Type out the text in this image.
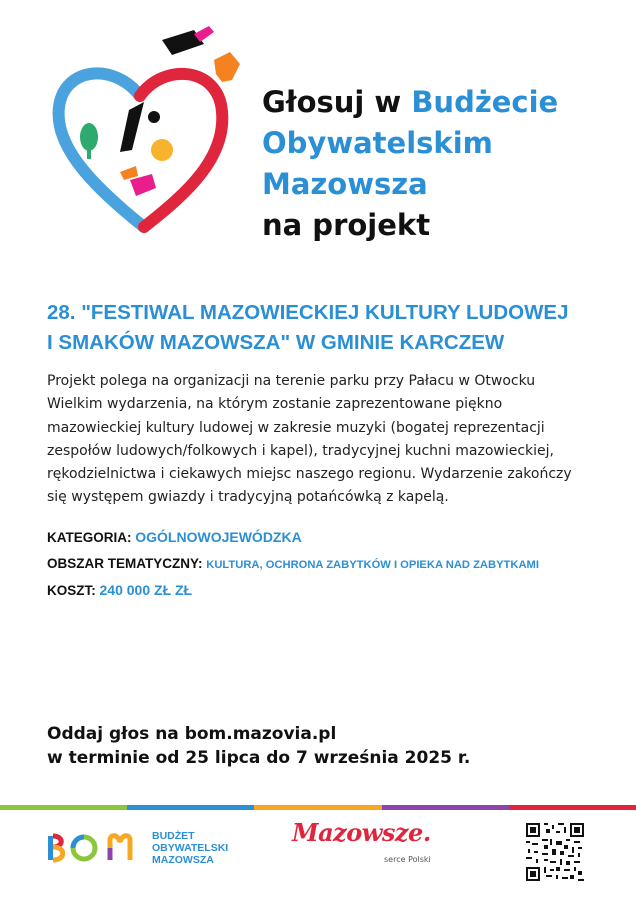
Głosuj w Budżecie
Obywatelskim
Mazowsza
na projekt
28. "FESTIWAL MAZOWIECKIEJ KULTURY LUDOWEJ
I SMAKÓW MAZOWSZA" W GMINIE KARCZEW

Projekt polega na organizacji na terenie parku przy Pałacu w Otwocku Wielkim wydarzenia, na którym zostanie zaprezentowane piękno mazowieckiej kultury ludowej w zakresie muzyki (bogatej reprezentacji zespołów ludowych/folkowych i kapel), tradycyjnej kuchni mazowieckiej, rękodzielnictwa i ciekawych miejsc naszego regionu. Wydarzenie zakończy się występem gwiazdy i tradycyjną potańcówką z kapelą.

KATEGORIA: OGÓLNOWOJEWÓDZKA
OBSZAR TEMATYCZNY: KULTURA, OCHRONA ZABYTKÓW I OPIEKA NAD ZABYTKAMI
KOSZT: 240 000 ZŁ ZŁ
Oddaj głos na bom.mazovia.pl
w terminie od 25 lipca do 7 września 2025 r.
BUDŻET
OBYWATELSKI
MAZOWSZA
Mazowsze.
serce Polski
